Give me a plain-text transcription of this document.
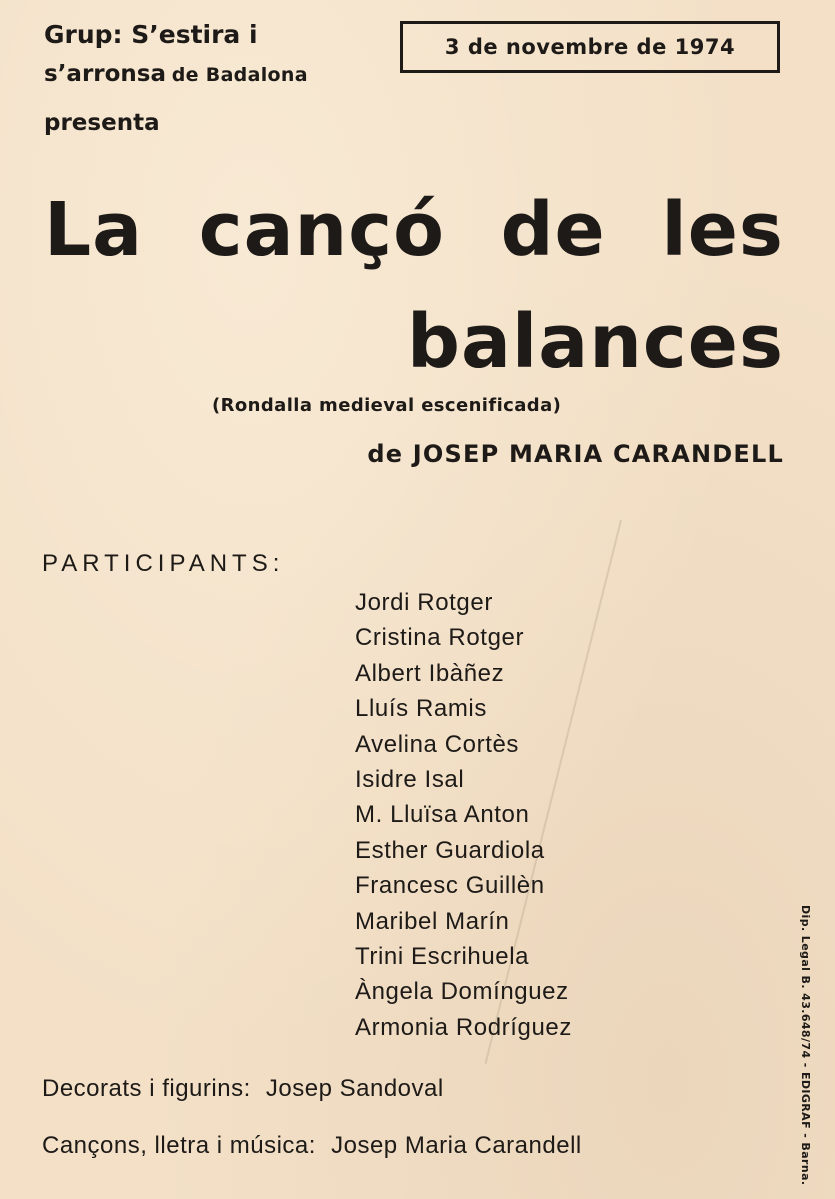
Grup: S’estira i
s’arronsa de Badalona
presenta
3 de novembre de 1974
La cançó de les
balances
(Rondalla medieval escenificada)
de JOSEP MARIA CARANDELL
PARTICIPANTS:
Jordi Rotger
Cristina Rotger
Albert Ibàñez
Lluís Ramis
Avelina Cortès
Isidre Isal
M. Lluïsa Anton
Esther Guardiola
Francesc Guillèn
Maribel Marín
Trini Escrihuela
Àngela Domínguez
Armonia Rodríguez
Decorats i figurins: Josep Sandoval
Cançons, lletra i música: Josep Maria Carandell	Dip. Legal B. 43.648/74 - EDIGRAF - Barna.
